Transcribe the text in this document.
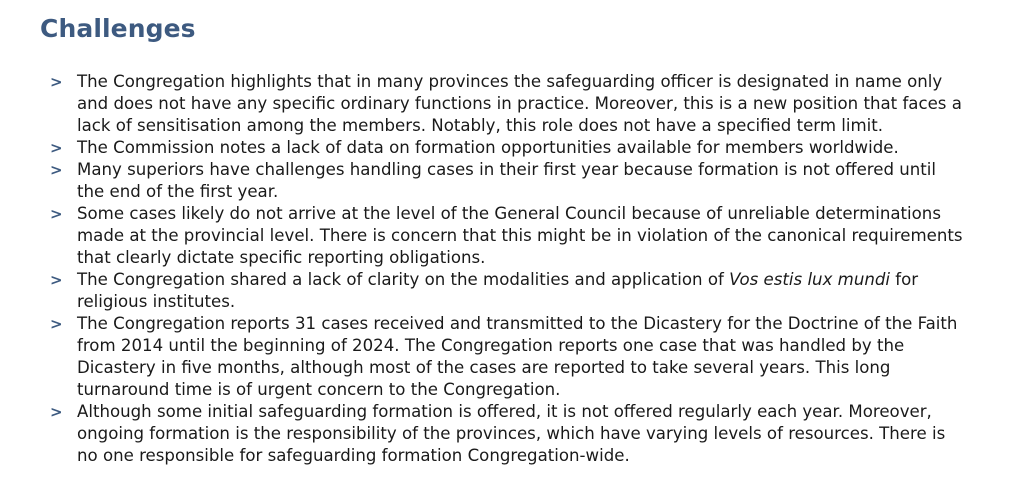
Challenges
> The Congregation highlights that in many provinces the safeguarding officer is designated in name only and does not have any specific ordinary functions in practice. Moreover, this is a new position that faces a lack of sensitisation among the members. Notably, this role does not have a specified term limit.
> The Commission notes a lack of data on formation opportunities available for members worldwide.
> Many superiors have challenges handling cases in their first year because formation is not offered until the end of the first year.
> Some cases likely do not arrive at the level of the General Council because of unreliable determinations made at the provincial level. There is concern that this might be in violation of the canonical requirements that clearly dictate specific reporting obligations.
> The Congregation shared a lack of clarity on the modalities and application of Vos estis lux mundi for religious institutes.
> The Congregation reports 31 cases received and transmitted to the Dicastery for the Doctrine of the Faith from 2014 until the beginning of 2024. The Congregation reports one case that was handled by the Dicastery in five months, although most of the cases are reported to take several years. This long turnaround time is of urgent concern to the Congregation.
> Although some initial safeguarding formation is offered, it is not offered regularly each year. Moreover, ongoing formation is the responsibility of the provinces, which have varying levels of resources. There is no one responsible for safeguarding formation Congregation-wide.
